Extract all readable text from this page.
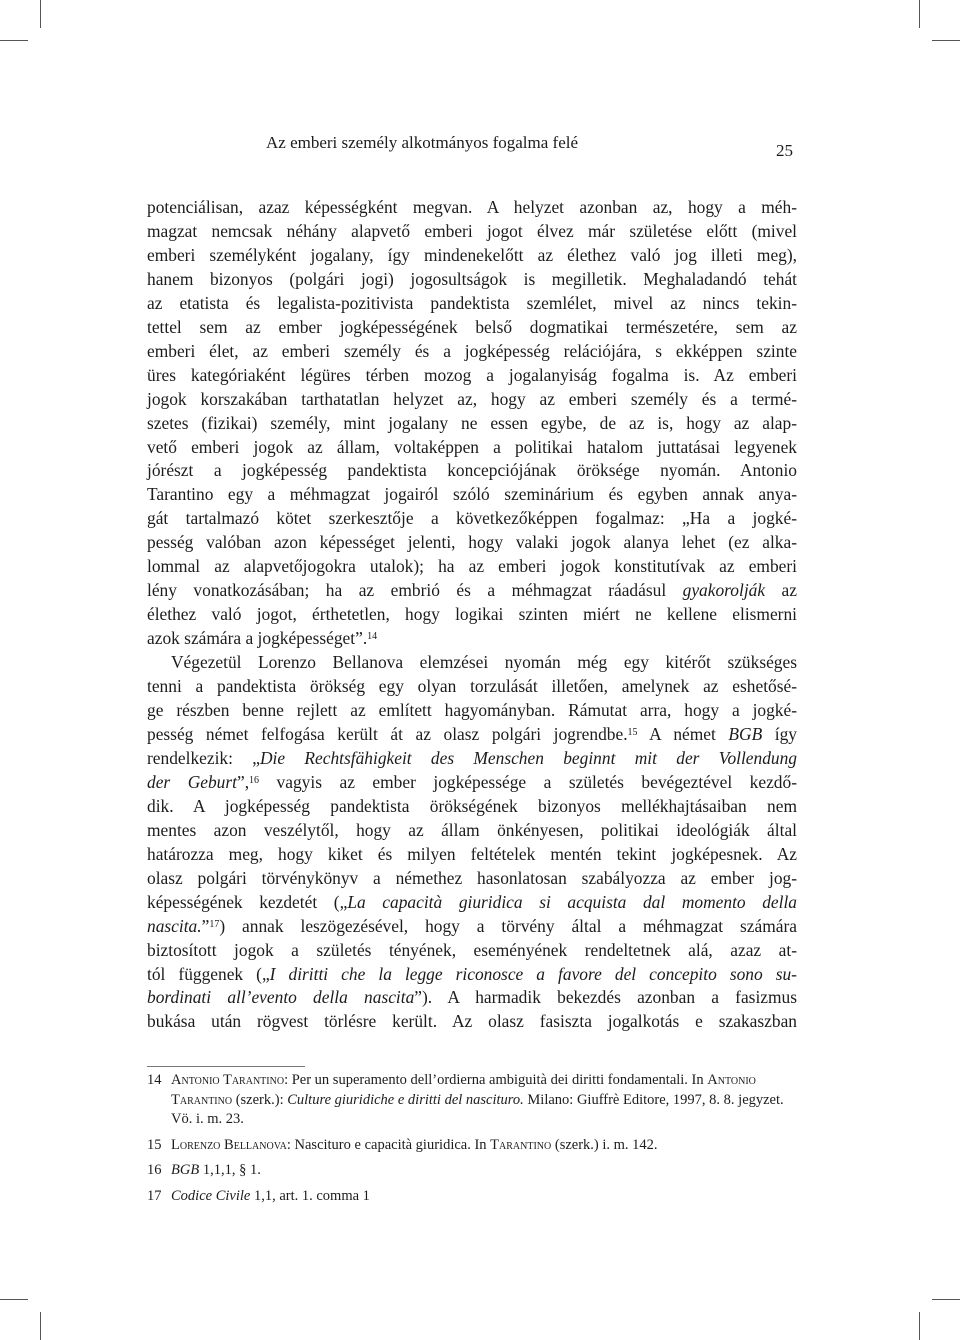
Az emberi személy alkotmányos fogalma felé	25
potenciálisan, azaz képességként megvan. A helyzet azonban az, hogy a méh-
magzat nemcsak néhány alapvető emberi jogot élvez már születése előtt (mivel
emberi személyként jogalany, így mindenekelőtt az élethez való jog illeti meg),
hanem bizonyos (polgári jogi) jogosultságok is megilletik. Meghaladandó tehát
az etatista és legalista-pozitivista pandektista szemlélet, mivel az nincs tekin-
tettel sem az ember jogképességének belső dogmatikai természetére, sem az
emberi élet, az emberi személy és a jogképesség relációjára, s ekképpen szinte
üres kategóriaként légüres térben mozog a jogalanyiság fogalma is. Az emberi
jogok korszakában tarthatatlan helyzet az, hogy az emberi személy és a termé-
szetes (fizikai) személy, mint jogalany ne essen egybe, de az is, hogy az alap-
vető emberi jogok az állam, voltaképpen a politikai hatalom juttatásai legyenek
jórészt a jogképesség pandektista koncepciójának öröksége nyomán. Antonio
Tarantino egy a méhmagzat jogairól szóló szeminárium és egyben annak anya-
gát tartalmazó kötet szerkesztője a következőképpen fogalmaz: „Ha a jogké-
pesség valóban azon képességet jelenti, hogy valaki jogok alanya lehet (ez alka-
lommal az alapvetőjogokra utalok); ha az emberi jogok konstitutívak az emberi
lény vonatkozásában; ha az embrió és a méhmagzat ráadásul gyakorolják az
élethez való jogot, érthetetlen, hogy logikai szinten miért ne kellene elismerni
azok számára a jogképességet”.$^{14}$
Végezetül Lorenzo Bellanova elemzései nyomán még egy kitérőt szükséges
tenni a pandektista örökség egy olyan torzulását illetően, amelynek az eshetősé-
ge részben benne rejlett az említett hagyományban. Rámutat arra, hogy a jogké-
pesség német felfogása került át az olasz polgári jogrendbe.$^{15}$ A német BGB így
rendelkezik: „Die Rechtsfähigkeit des Menschen beginnt mit der Vollendung
der Geburt”,$^{16}$ vagyis az ember jogképessége a születés bevégeztével kezdő-
dik. A jogképesség pandektista örökségének bizonyos mellékhajtásaiban nem
mentes azon veszélytől, hogy az állam önkényesen, politikai ideológiák által
határozza meg, hogy kiket és milyen feltételek mentén tekint jogképesnek. Az
olasz polgári törvénykönyv a némethez hasonlatosan szabályozza az ember jog-
képességének kezdetét („La capacità giuridica si acquista dal momento della
nascita.”$^{17}$) annak leszögezésével, hogy a törvény által a méhmagzat számára
biztosított jogok a születés tényének, eseményének rendeltetnek alá, azaz at-
tól függenek („I diritti che la legge riconosce a favore del concepito sono su-
bordinati all’evento della nascita”). A harmadik bekezdés azonban a fasizmus
bukása után rögvest törlésre került. Az olasz fasiszta jogalkotás e szakaszban
14 Antonio Tarantino: Per un superamento dell’ordierna ambiguità dei diritti fondamentali. In Antonio Tarantino (szerk.): Culture giuridiche e diritti del nascituro. Milano: Giuffrè Editore, 1997, 8. 8. jegyzet. Vö. i. m. 23.
15 Lorenzo Bellanova: Nascituro e capacità giuridica. In Tarantino (szerk.) i. m. 142.
16 BGB 1,1,1, § 1.
17 Codice Civile 1,1, art. 1. comma 1
